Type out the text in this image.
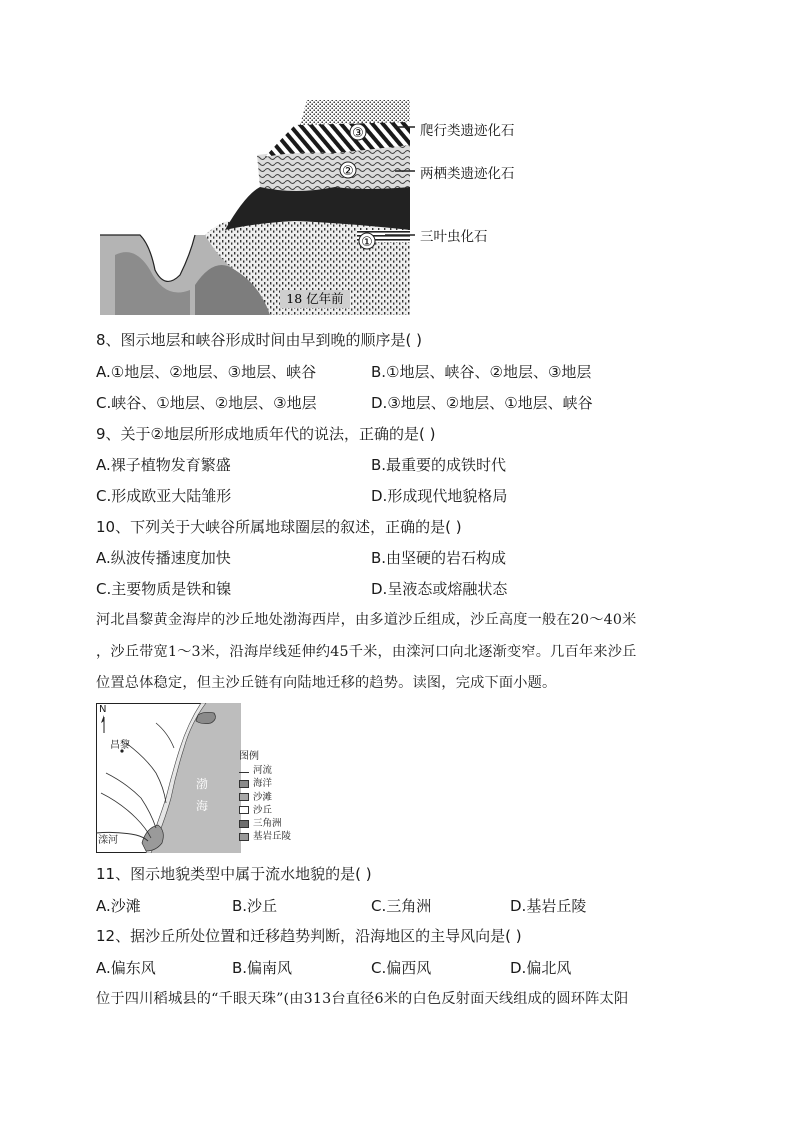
③
②
①
18 亿年前
爬行类遗迹化石
两栖类遗迹化石
三叶虫化石
8、图示地层和峡谷形成时间由早到晚的顺序是( )
A.①地层、②地层、③地层、峡谷	B.①地层、峡谷、②地层、③地层
C.峡谷、①地层、②地层、③地层	D.③地层、②地层、①地层、峡谷
9、关于②地层所形成地质年代的说法，正确的是( )
A.裸子植物发育繁盛	B.最重要的成铁时代
C.形成欧亚大陆雏形	D.形成现代地貌格局
10、下列关于大峡谷所属地球圈层的叙述，正确的是( )
A.纵波传播速度加快	B.由坚硬的岩石构成
C.主要物质是铁和镍	D.呈液态或熔融状态
河北昌黎黄金海岸的沙丘地处渤海西岸，由多道沙丘组成，沙丘高度一般在20～40米
，沙丘带宽1～3米，沿海岸线延伸约45千米，由滦河口向北逐渐变窄。几百年来沙丘
位置总体稳定，但主沙丘链有向陆地迁移的趋势。读图，完成下面小题。
N
昌黎
滦河
渤
海
图例
河流
海洋
沙滩
沙丘
三角洲
基岩丘陵
11、图示地貌类型中属于流水地貌的是( )
A.沙滩	B.沙丘	C.三角洲	D.基岩丘陵
12、据沙丘所处位置和迁移趋势判断，沿海地区的主导风向是( )
A.偏东风	B.偏南风	C.偏西风	D.偏北风
位于四川稻城县的“千眼天珠”(由313台直径6米的白色反射面天线组成的圆环阵太阳
